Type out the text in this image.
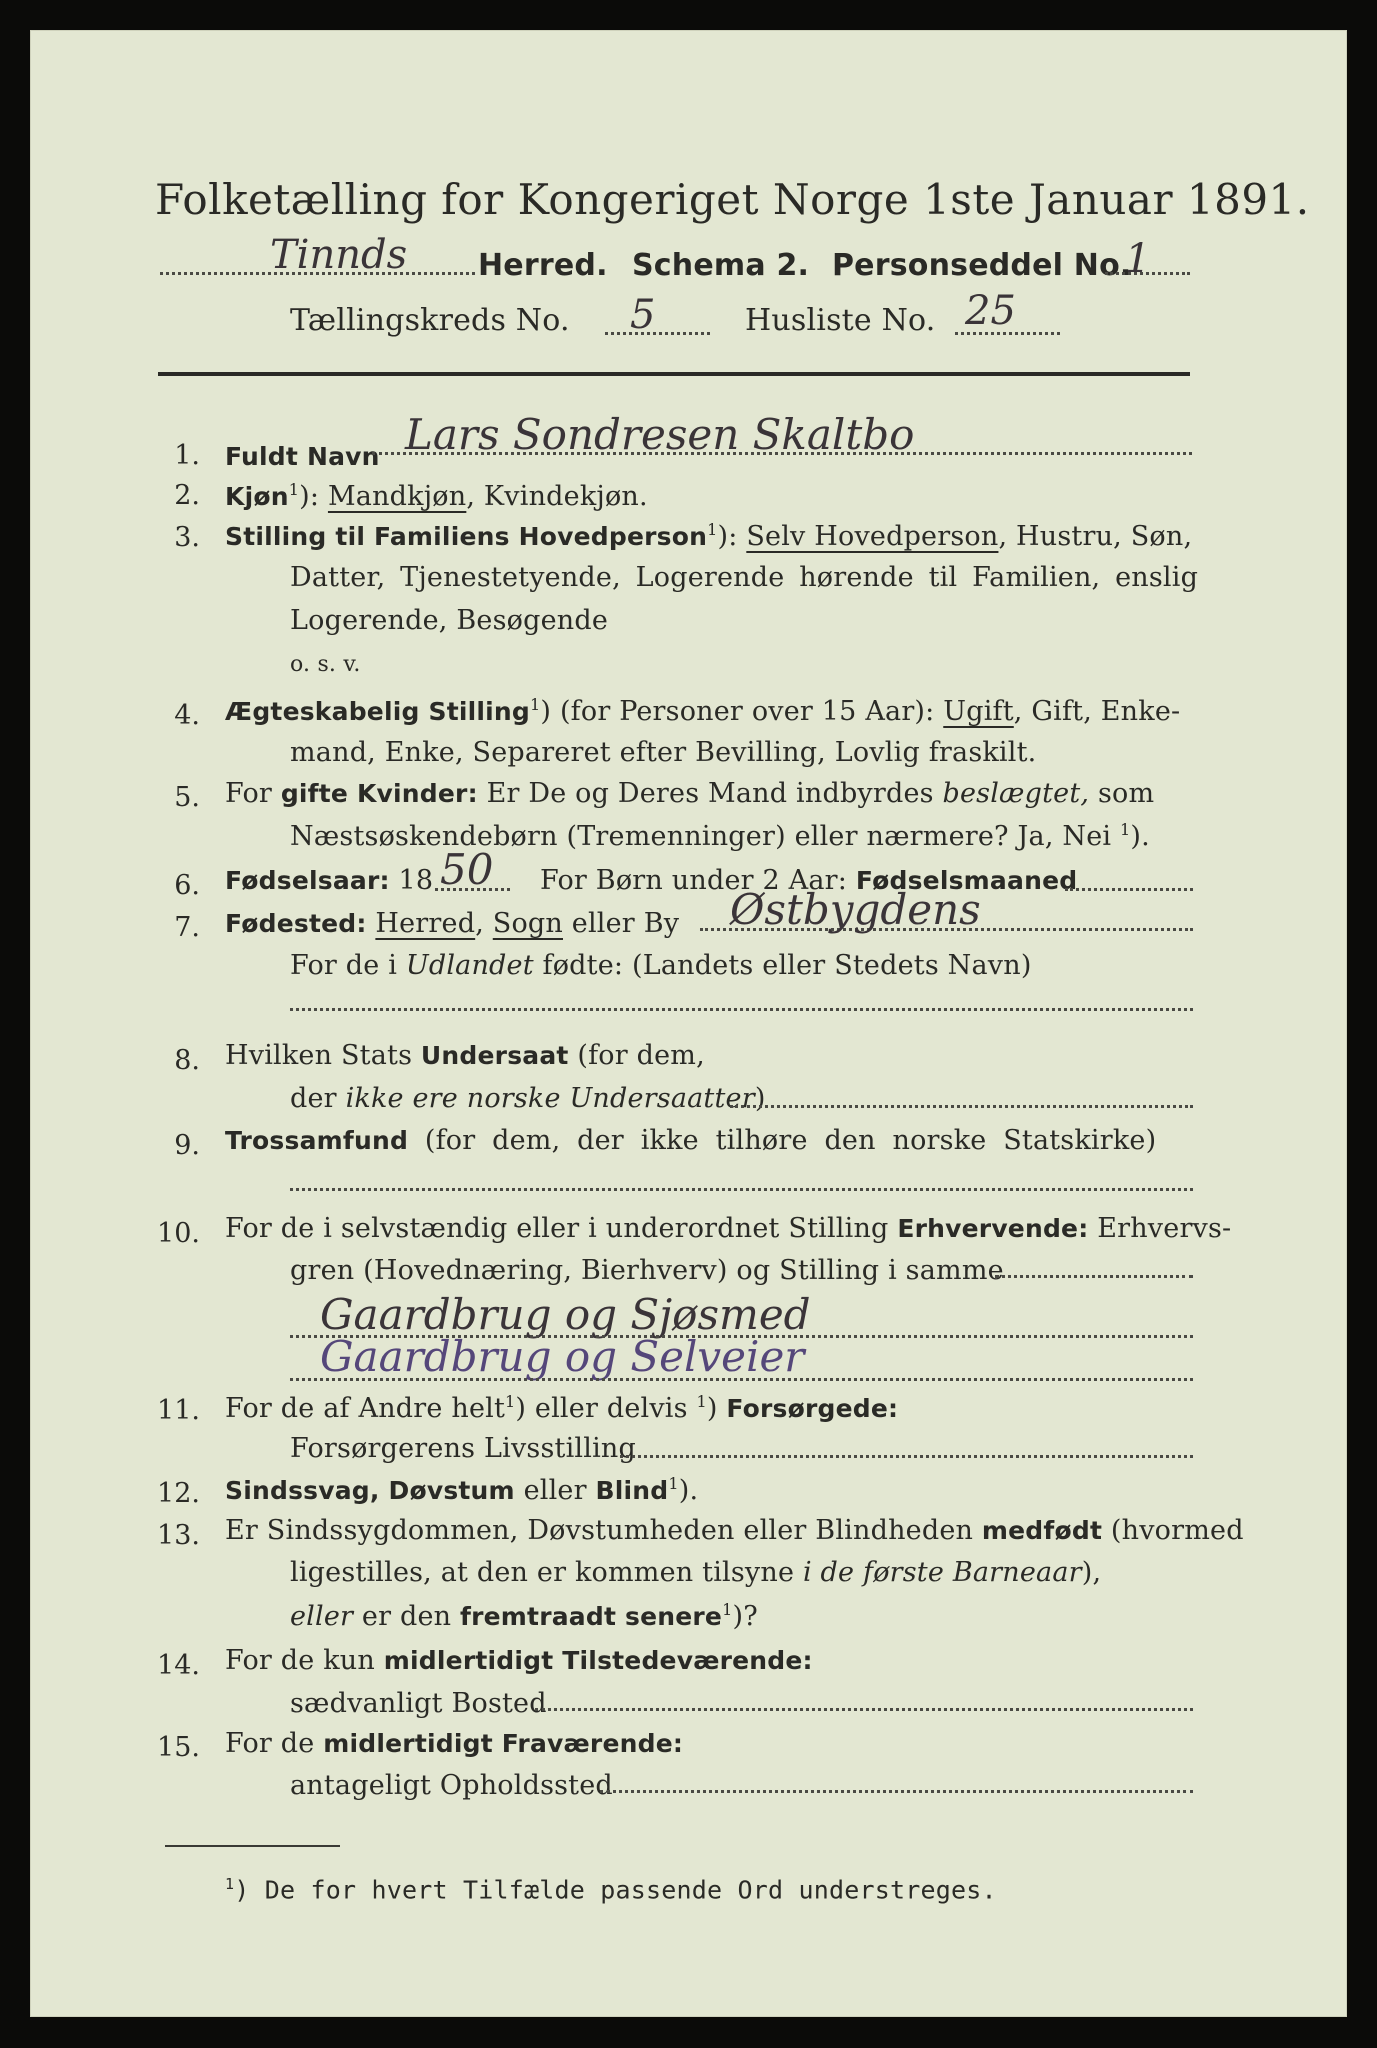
Folketælling for Kongeriget Norge 1ste Januar 1891.
Tinnds Herred. Schema 2. Personseddel No.
1
Tællingskreds No. 5	Husliste No. 25
1. Fuldt Navn Lars Sondresen Skaltbo
2. Kjøn$^1$): Mandkjøn, Kvindekjøn.
3. Stilling til Familiens Hovedperson$^1$): Selv Hovedperson, Hustru, Søn,
Datter, Tjenestetyende, Logerende hørende til Familien, enslig
Logerende, Besøgende
o. s. v.
4. Ægteskabelig Stilling$^1$) (for Personer over 15 Aar): Ugift, Gift, Enke-
mand, Enke, Separeret efter Bevilling, Lovlig fraskilt.
5. For gifte Kvinder: Er De og Deres Mand indbyrdes beslægtet, som
Næstsøskendebørn (Tremenninger) eller nærmere? Ja, Nei $^1$).
6. Fødselsaar: 18 50 For Børn under 2 Aar: Fødselsmaaned
7. Fødested: Herred, Sogn eller By Østbygdens
For de i Udlandet fødte: (Landets eller Stedets Navn)
8. Hvilken Stats Undersaat (for dem,
der ikke ere norske Undersaatter)
9. Trossamfund (for dem, der ikke tilhøre den norske Statskirke)
10. For de i selvstændig eller i underordnet Stilling Erhvervende: Erhvervs-
gren (Hovednæring, Bierhverv) og Stilling i samme
Gaardbrug og Sjøsmed
Gaardbrug og Selveier
11. For de af Andre helt$^1$) eller delvis $^1$) Forsørgede:
Forsørgerens Livsstilling
12. Sindssvag, Døvstum eller Blind$^1$).
13. Er Sindssygdommen, Døvstumheden eller Blindheden medfødt (hvormed
ligestilles, at den er kommen tilsyne i de første Barneaar),
eller er den fremtraadt senere$^1$)?
14. For de kun midlertidigt Tilstedeværende:
sædvanligt Bosted
15. For de midlertidigt Fraværende:
antageligt Opholdssted
$^1$) De for hvert Tilfælde passende Ord understreges.
